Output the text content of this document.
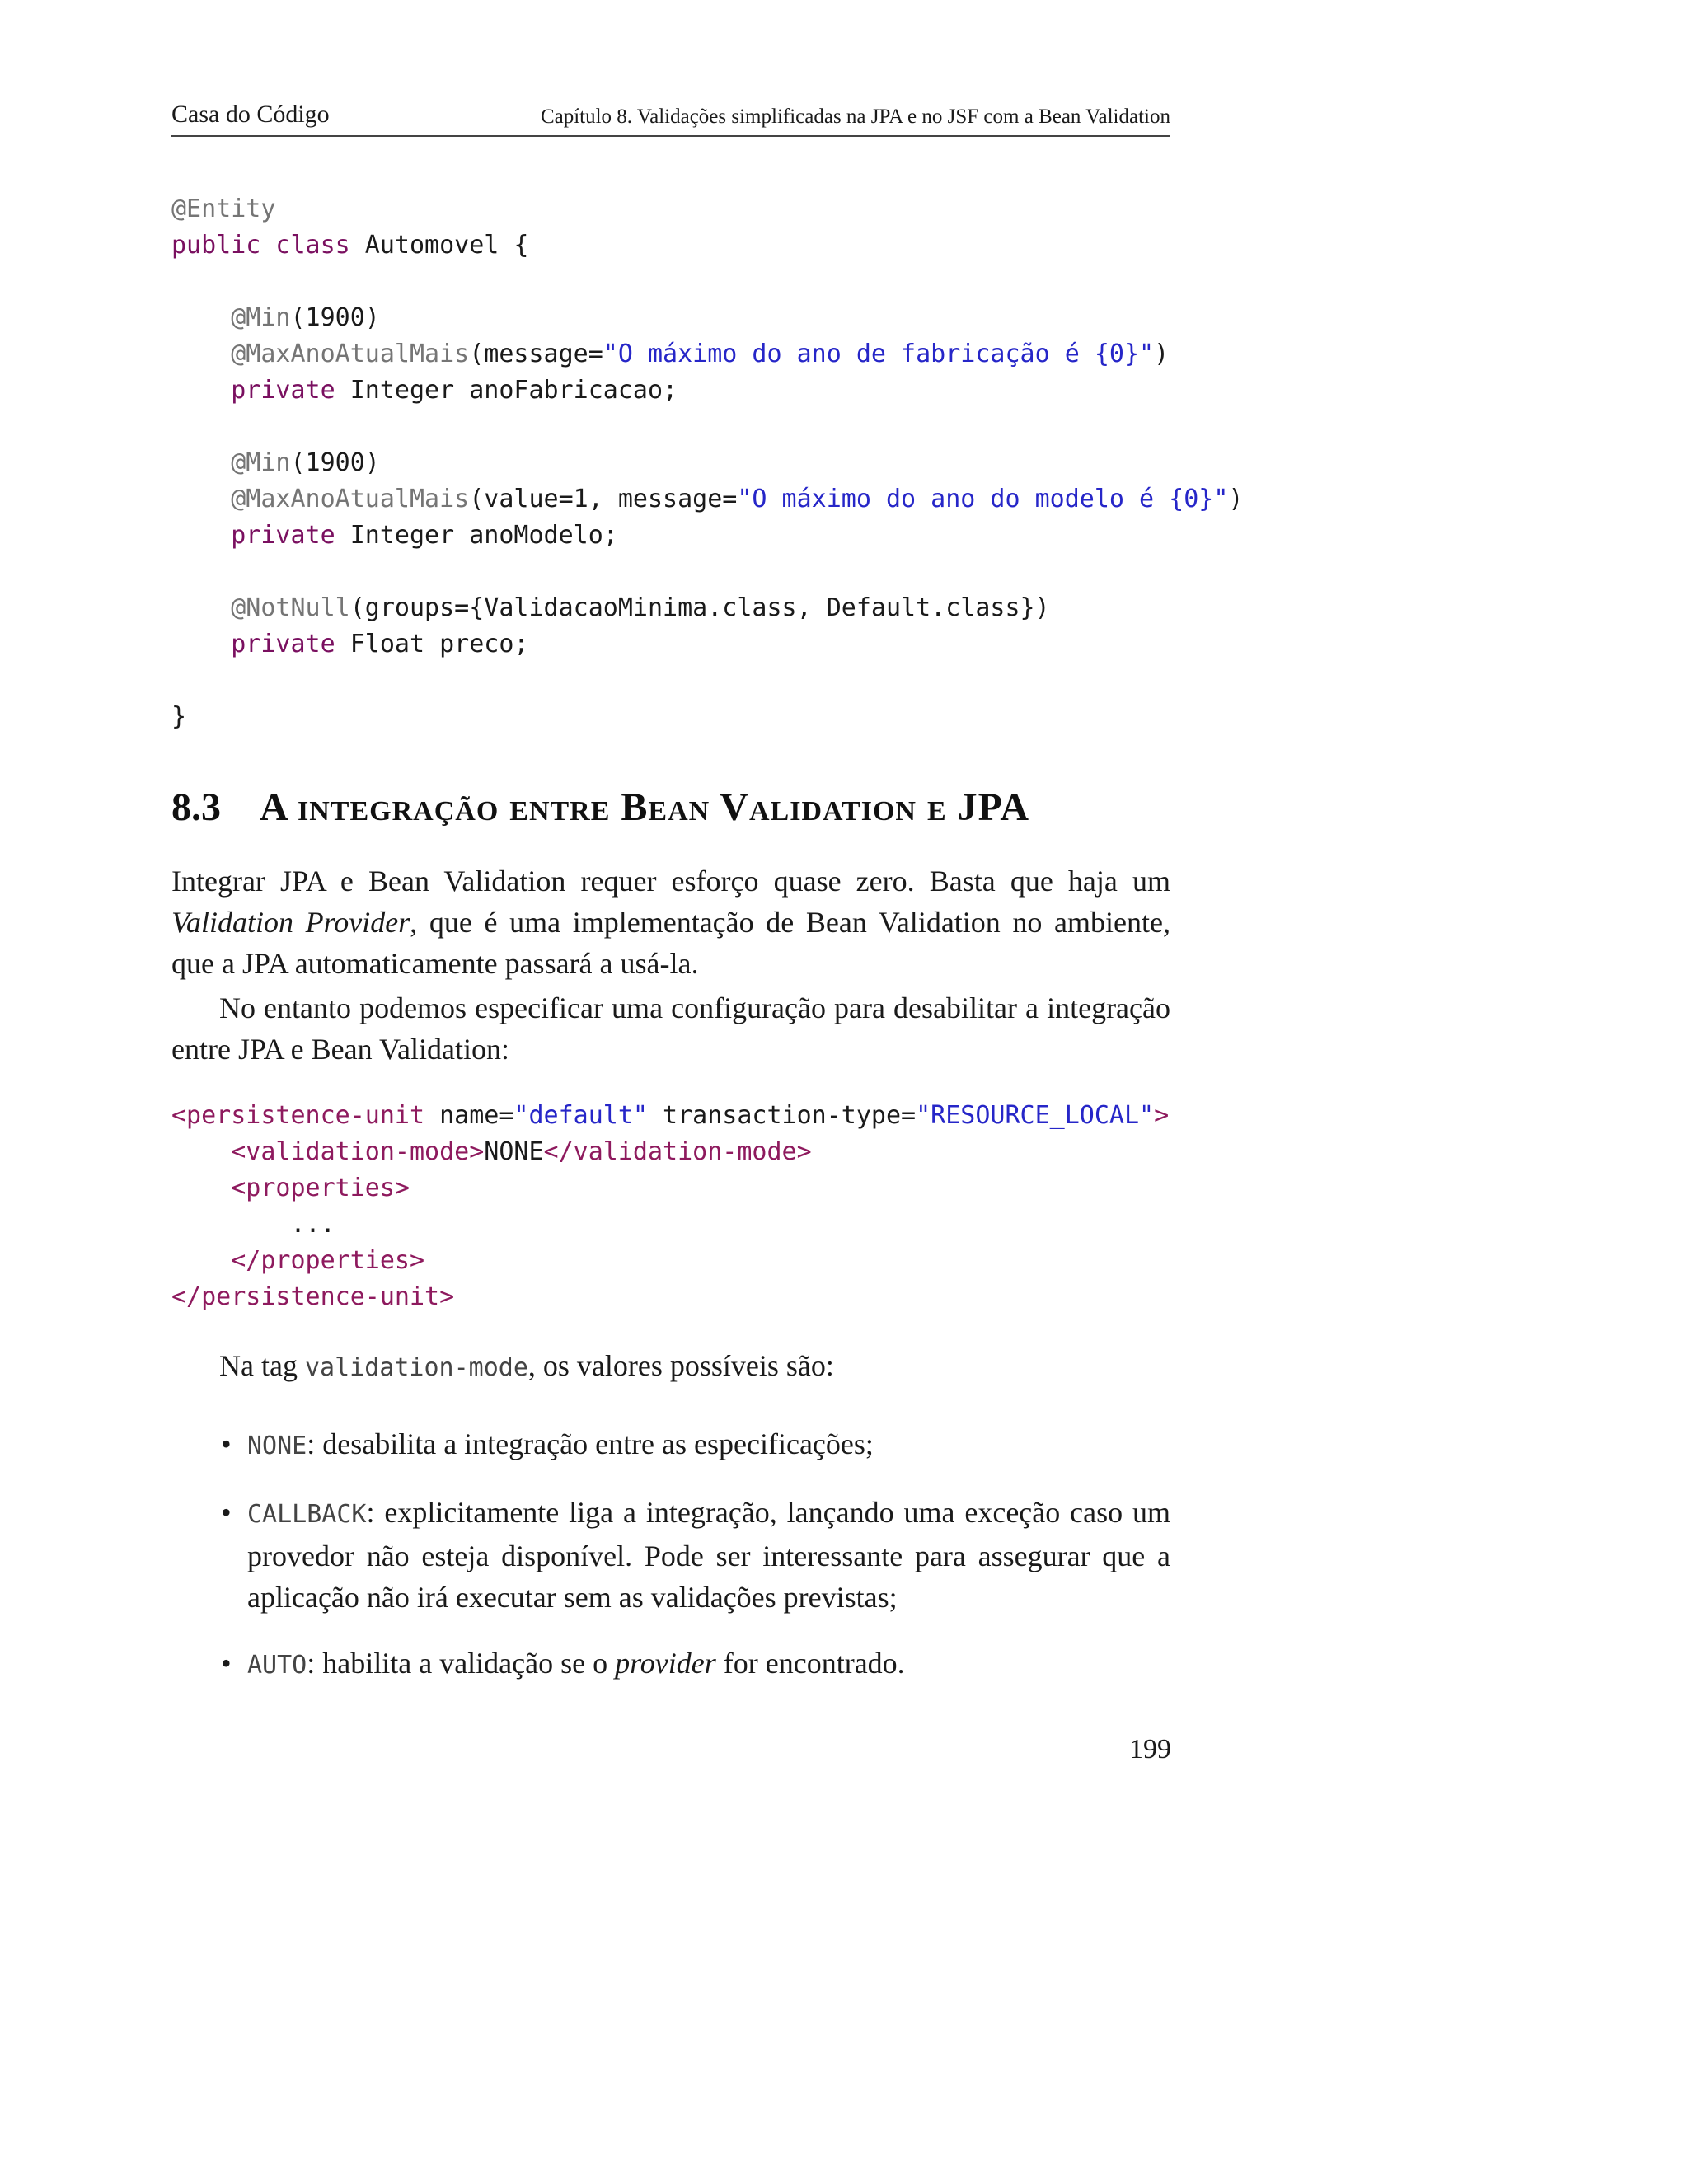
Casa do Código	Capítulo 8. Validações simplificadas na JPA e no JSF com a Bean Validation
@Entity
public class Automovel {

@Min(1900)
@MaxAnoAtualMais(message="O máximo do ano de fabricação é {0}")
private Integer anoFabricacao;

@Min(1900)
@MaxAnoAtualMais(value=1, message="O máximo do ano do modelo é {0}")
private Integer anoModelo;

@NotNull(groups={ValidacaoMinima.class, Default.class})
private Float preco;

}
8.3 A integração entre Bean Validation e JPA

Integrar JPA e Bean Validation requer esforço quase zero. Basta que haja um Validation Provider, que é uma implementação de Bean Validation no ambiente, que a JPA automaticamente passará a usá-la.

No entanto podemos especificar uma configuração para desabilitar a integração entre JPA e Bean Validation:

<persistence-unit name="default" transaction-type="RESOURCE_LOCAL">
<validation-mode>NONE</validation-mode>
<properties>
...
</properties>
</persistence-unit>

Na tag validation-mode, os valores possíveis são:

• NONE: desabilita a integração entre as especificações;
• CALLBACK: explicitamente liga a integração, lançando uma exceção caso um provedor não esteja disponível. Pode ser interessante para assegurar que a aplicação não irá executar sem as validações previstas;
• AUTO: habilita a validação se o provider for encontrado.
199
